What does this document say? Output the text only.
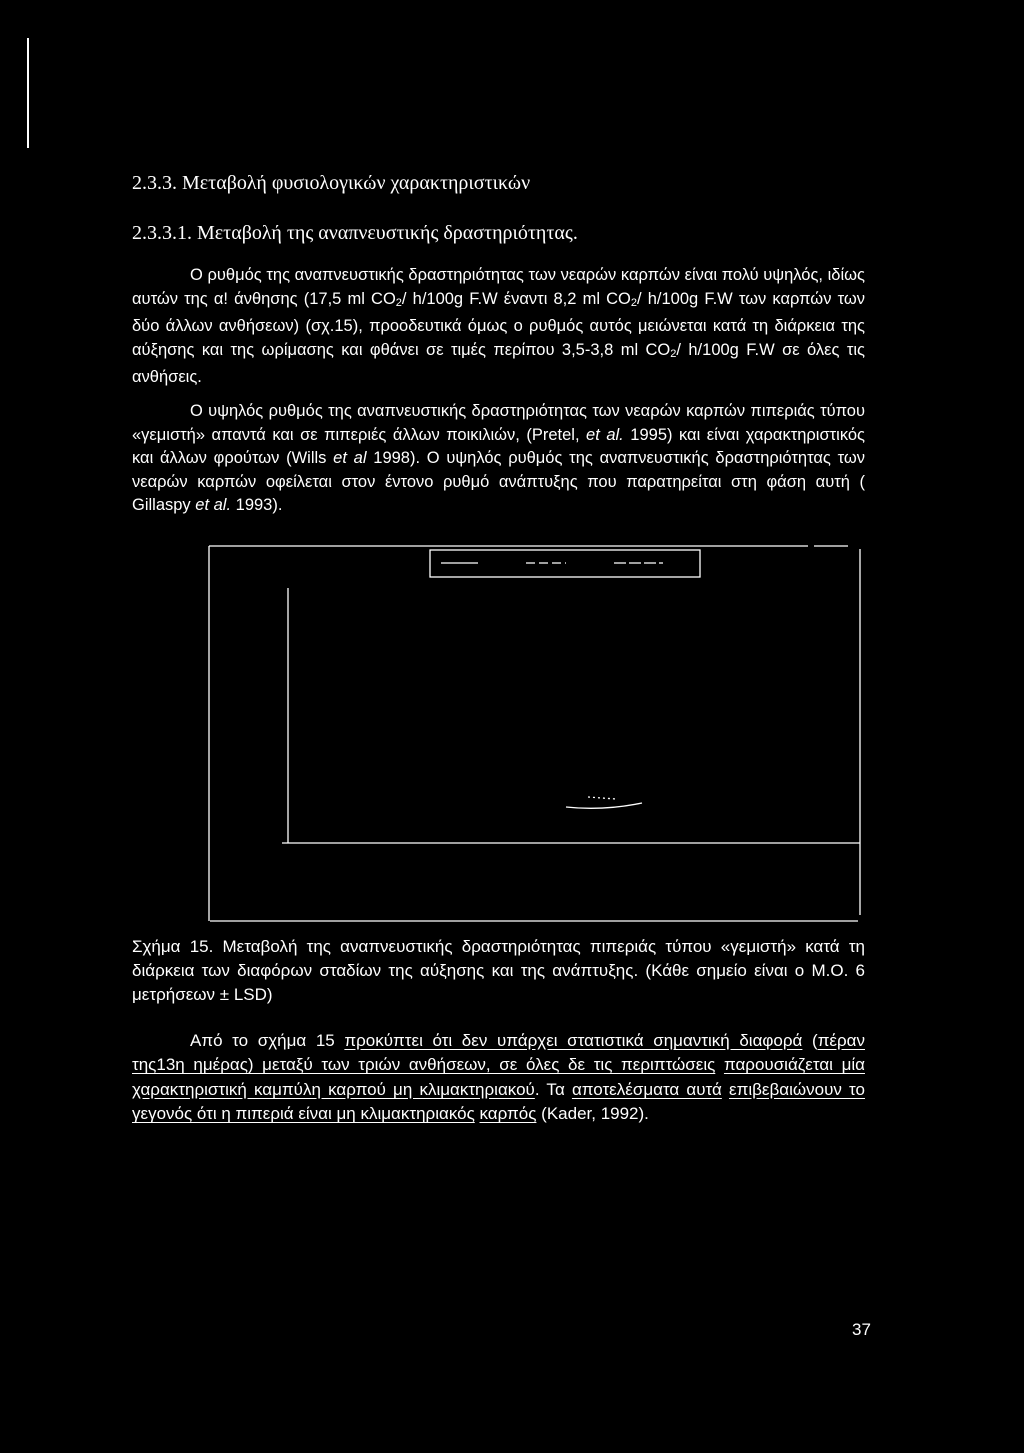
2.3.3. Μεταβολή φυσιολογικών χαρακτηριστικών
2.3.3.1. Μεταβολή της αναπνευστικής δραστηριότητας.

Ο ρυθμός της αναπνευστικής δραστηριότητας των νεαρών καρπών είναι πολύ υψηλός, ιδίως αυτών της α! άνθησης (17,5 ml $CO_2/$ h/100g F.W έναντι 8,2 ml $CO_2/$ h/100g F.W των καρπών των δύο άλλων ανθήσεων) (σχ.15), προοδευτικά όμως ο ρυθμός αυτός μειώνεται κατά τη διάρκεια της αύξησης και της ωρίμασης και φθάνει σε τιμές περίπου 3,5-3,8 ml $CO_2/$ h/100g F.W σε όλες τις ανθήσεις.

Ο υψηλός ρυθμός της αναπνευστικής δραστηριότητας των νεαρών καρπών πιπεριάς τύπου «γεμιστή» απαντά και σε πιπεριές άλλων ποικιλιών, (Pretel, et al. 1995) και είναι χαρακτηριστικός και άλλων φρούτων (Wills et al 1998). Ο υψηλός ρυθμός της αναπνευστικής δραστηριότητας των νεαρών καρπών οφείλεται στον έντονο ρυθμό ανάπτυξης που παρατηρείται στη φάση αυτή ( Gillaspy et al. 1993).

Σχήμα 15. Μεταβολή της αναπνευστικής δραστηριότητας πιπεριάς τύπου «γεμιστή» κατά τη διάρκεια των διαφόρων σταδίων της αύξησης και της ανάπτυξης. (Κάθε σημείο είναι ο Μ.Ο. 6 μετρήσεων ± LSD)

Από το σχήμα 15 προκύπτει ότι δεν υπάρχει στατιστικά σημαντική διαφορά (πέραν της13η ημέρας) μεταξύ των τριών ανθήσεων, σε όλες δε τις περιπτώσεις παρουσιάζεται μία χαρακτηριστική καμπύλη καρπού μη κλιμακτηριακού. Τα αποτελέσματα αυτά επιβεβαιώνουν το γεγονός ότι η πιπεριά είναι μη κλιμακτηριακός καρπός (Kader, 1992).

37
